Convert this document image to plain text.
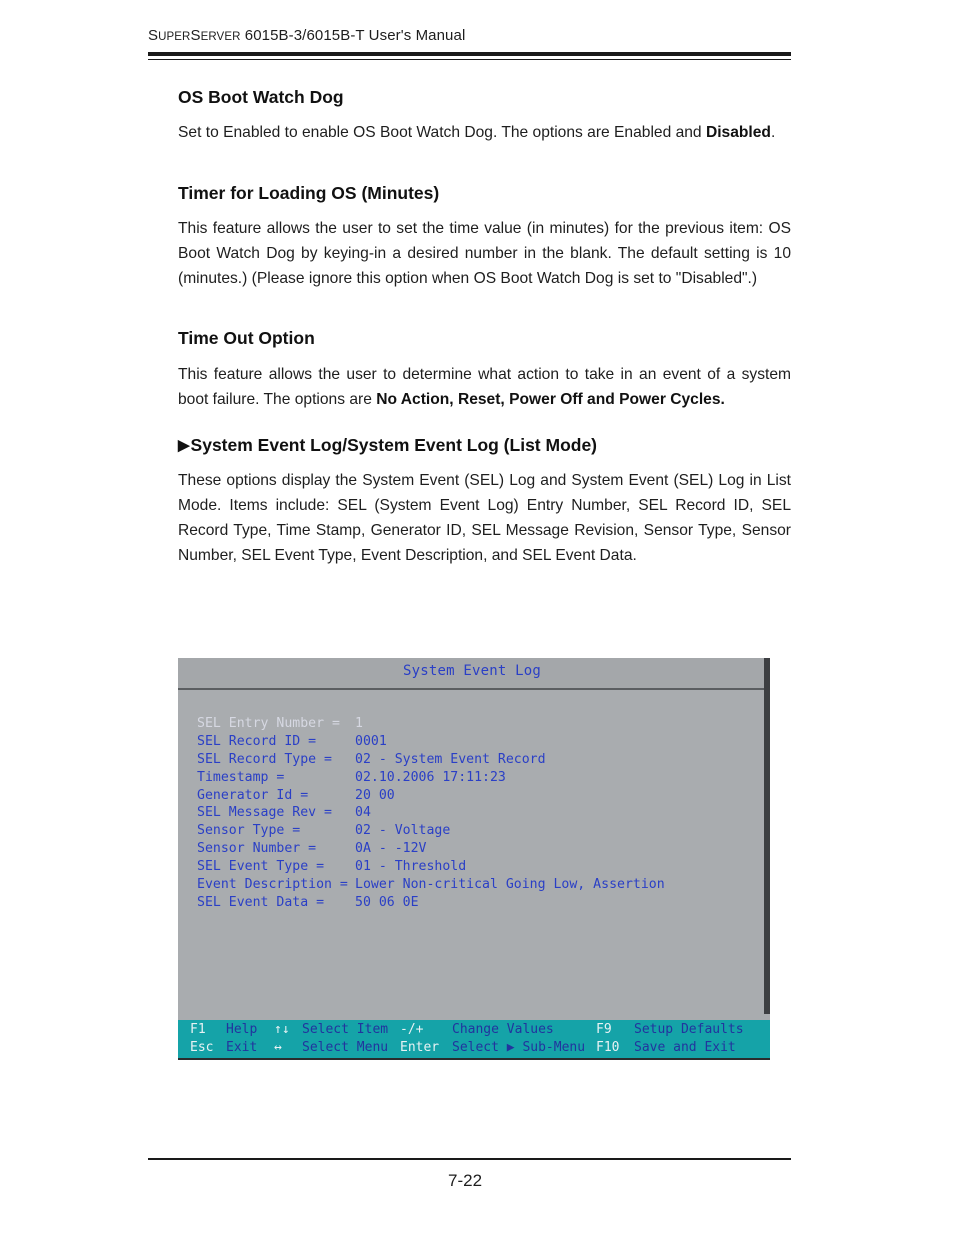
SUPERSERVER 6015B-3/6015B-T User's Manual
OS Boot Watch Dog

Set to Enabled to enable OS Boot Watch Dog. The options are Enabled and Disabled.

Timer for Loading OS (Minutes)

This feature allows the user to set the time value (in minutes) for the previous item: OS Boot Watch Dog by keying-in a desired number in the blank. The default setting is 10 (minutes.) (Please ignore this option when OS Boot Watch Dog is set to "Disabled".)

Time Out Option

This feature allows the user to determine what action to take in an event of a system boot failure. The options are No Action, Reset, Power Off and Power Cycles.

▶System Event Log/System Event Log (List Mode)

These options display the System Event (SEL) Log and System Event (SEL) Log in List Mode. Items include: SEL (System Event Log) Entry Number, SEL Record ID, SEL Record Type, Time Stamp, Generator ID, SEL Message Revision, Sensor Type, Sensor Number, SEL Event Type, Event Description, and SEL Event Data.

System Event Log
SEL Entry Number = 1
SEL Record ID =	0001
SEL Record Type = 02 - System Event Record
Timestamp =	02.10.2006 17:11:23
Generator Id =	20 00
SEL Message Rev = 04
Sensor Type =	02 - Voltage
Sensor Number =	0A - -12V
SEL Event Type = 01 - Threshold
Event Description = Lower Non-critical Going Low, Assertion
SEL Event Data = 50 06 0E
F1 Help ↑↓ Select Item -/+ Change Values	F9 Setup Defaults
Esc Exit ↔ Select Menu Enter Select ▶ Sub-Menu F10 Save and Exit
7-22
